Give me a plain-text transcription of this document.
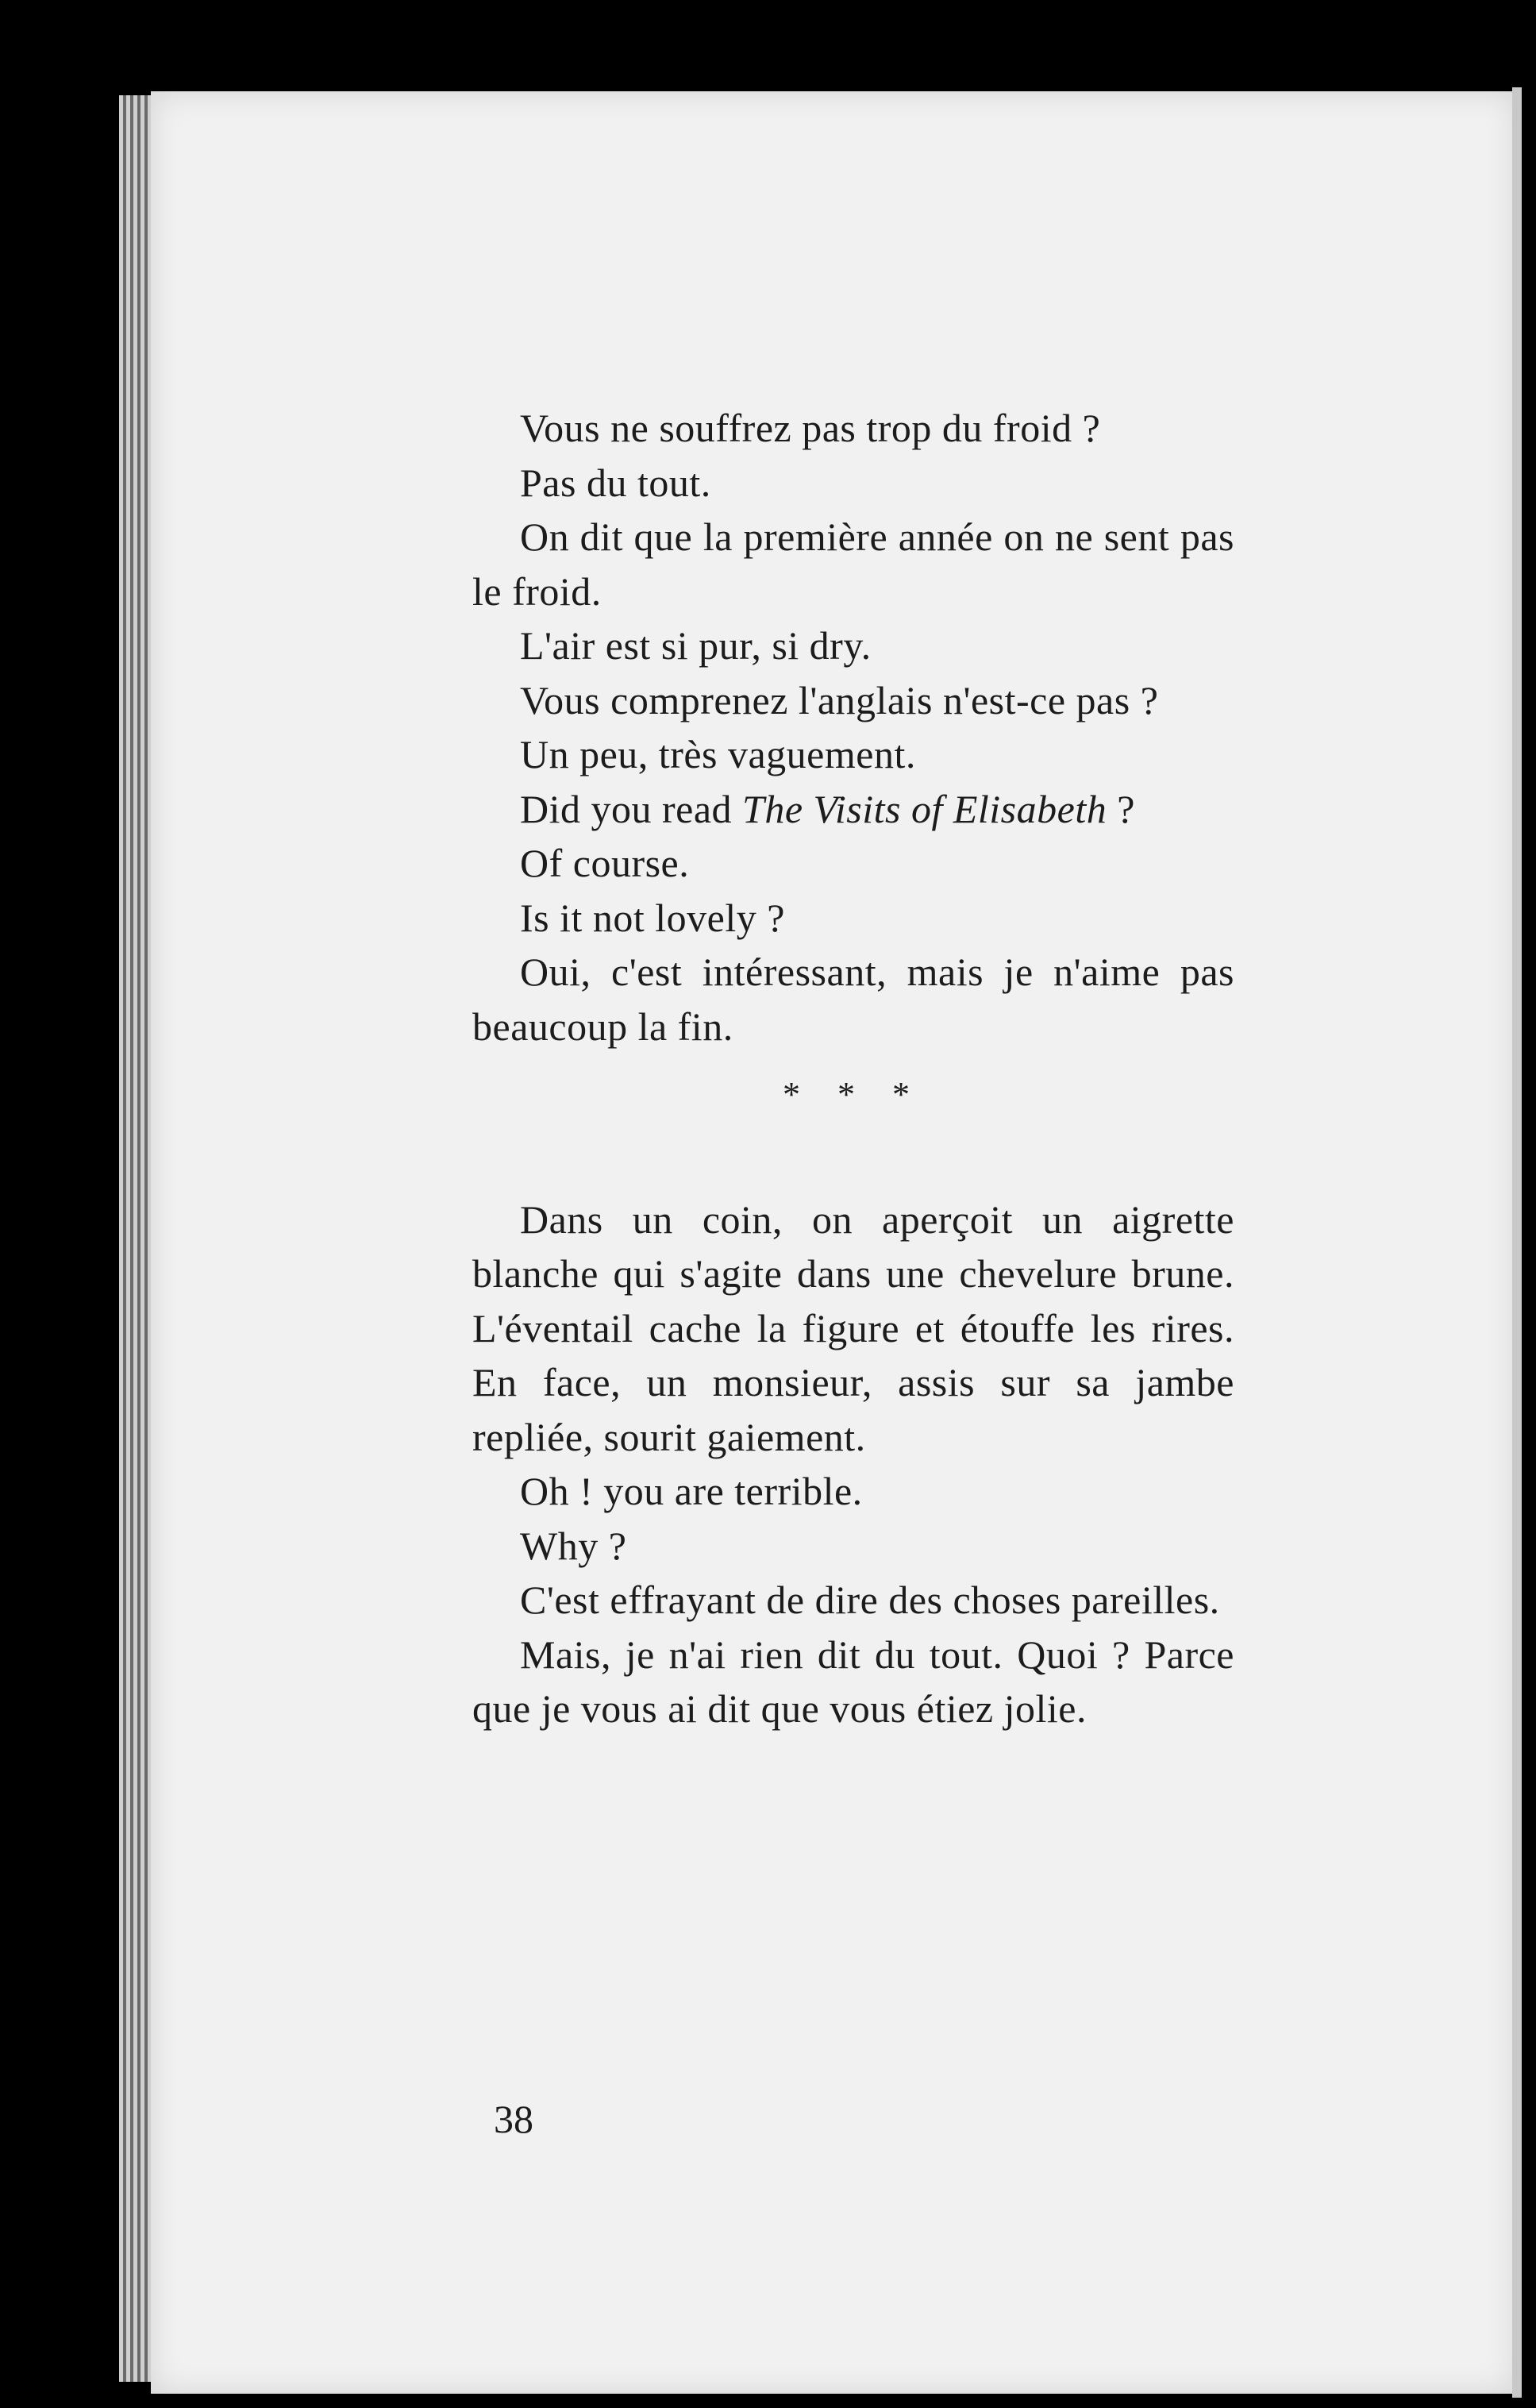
Vous ne souffrez pas trop du froid ?

Pas du tout.

On dit que la première année on ne sent pas le froid.

L'air est si pur, si dry.

Vous comprenez l'anglais n'est-ce pas ?

Un peu, très vaguement.

Did you read The Visits of Elisabeth ?

Of course.

Is it not lovely ?

Oui, c'est intéressant, mais je n'aime pas beaucoup la fin.

* * *

Dans un coin, on aperçoit un aigrette blanche qui s'agite dans une chevelure brune. L'éventail cache la figure et étouffe les rires. En face, un monsieur, assis sur sa jambe repliée, sourit gaiement.

Oh ! you are terrible.

Why ?

C'est effrayant de dire des choses pareilles.

Mais, je n'ai rien dit du tout. Quoi ? Parce que je vous ai dit que vous étiez jolie.

38
